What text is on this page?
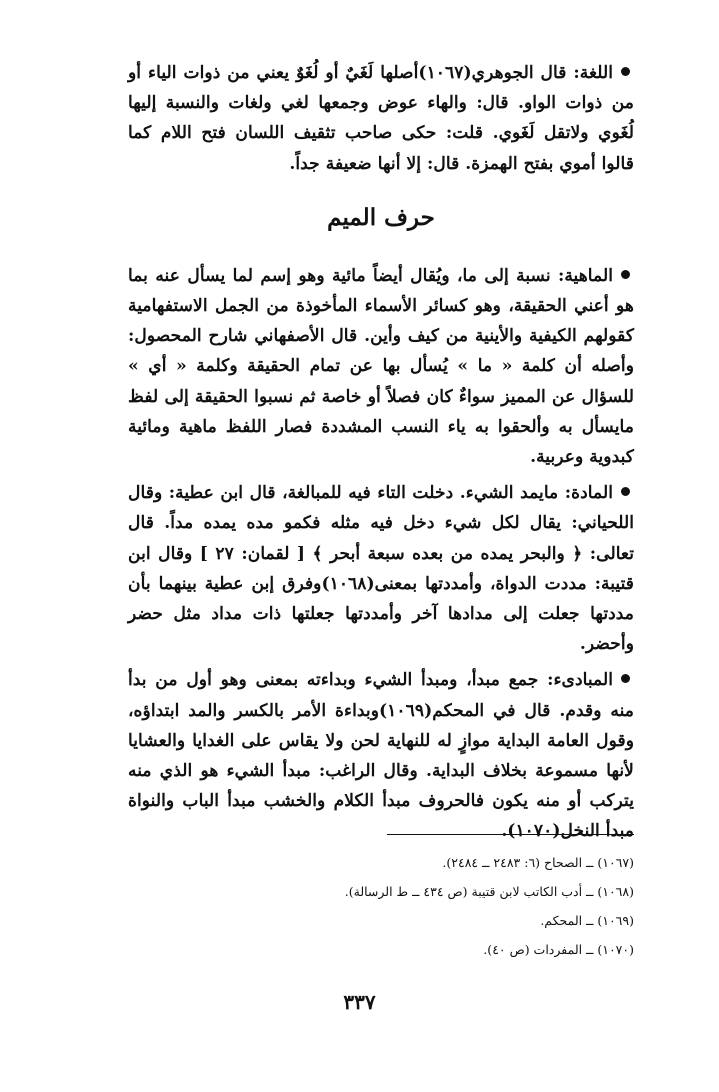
اللغة: قال الجوهري(١٠٦٧)أصلها لَغَيٌ أو لُغَوٌ يعني من ذوات الياء أو من ذوات الواو. قال: والهاء عوض وجمعها لغي ولغات والنسبة إليها لُغَوي ولاتقل لَغَوي. قلت: حكى صاحب تثقيف اللسان فتح اللام كما قالوا أموي بفتح الهمزة. قال: إلا أنها ضعيفة جداً.

حرف الميم

الماهية: نسبة إلى ما، ويُقال أيضاً مائية وهو إسم لما يسأل عنه بما هو أعني الحقيقة، وهو كسائر الأسماء المأخوذة من الجمل الاستفهامية كقولهم الكيفية والأينية من كيف وأين. قال الأصفهاني شارح المحصول: وأصله أن كلمة « ما » يُسأل بها عن تمام الحقيقة وكلمة « أي » للسؤال عن المميز سواءٌ كان فصلاً أو خاصة ثم نسبوا الحقيقة إلى لفظ مايسأل به وألحقوا به ياء النسب المشددة فصار اللفظ ماهية ومائية كبدوية وعربية.

المادة: مايمد الشيء. دخلت التاء فيه للمبالغة، قال ابن عطية: وقال اللحياني: يقال لكل شيء دخل فيه مثله فكمو مده يمده مداً. قال تعالى: ﴿ والبحر يمده من بعده سبعة أبحر ﴾ [ لقمان: ٢٧ ] وقال ابن قتيبة: مددت الدواة، وأمددتها بمعنى(١٠٦٨)وفرق إبن عطية بينهما بأن مددتها جعلت إلى مدادها آخر وأمددتها جعلتها ذات مداد مثل حضر وأحضر.

المبادىء: جمع مبدأ، ومبدأ الشيء وبداءته بمعنى وهو أول من بدأ منه وقدم. قال في المحكم(١٠٦٩)وبداءة الأمر بالكسر والمد ابتداؤه، وقول العامة البداية موازٍ له للنهاية لحن ولا يقاس على الغدايا والعشايا لأنها مسموعة بخلاف البداية. وقال الراغب: مبدأ الشيء هو الذي منه يتركب أو منه يكون فالحروف مبدأ الكلام والخشب مبدأ الباب والنواة مبدأ النخل(١٠٧٠).

(١٠٦٧) ــ الصحاح (٦: ٢٤٨٣ ــ ٢٤٨٤).

(١٠٦٨) ــ أدب الكاتب لابن قتيبة (ص ٤٣٤ ــ ط الرسالة).

(١٠٦٩) ــ المحكم.

(١٠٧٠) ــ المفردات (ص ٤٠).

٣٣٧
